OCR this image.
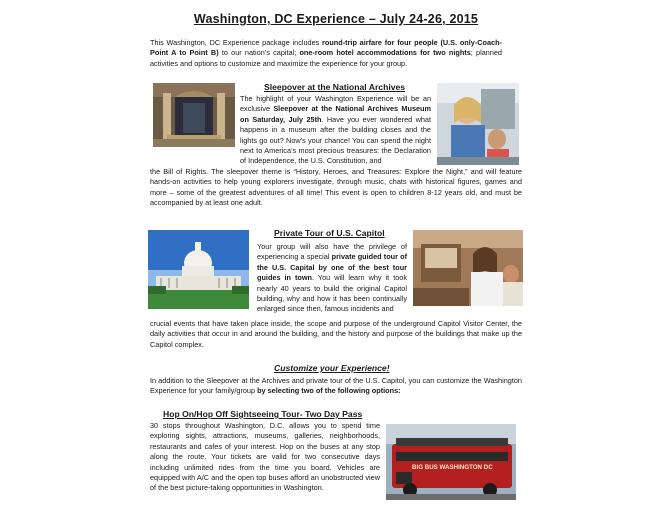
Washington, DC Experience – July 24-26, 2015
This Washington, DC Experience package includes round-trip airfare for four people (U.S. only-Coach-Point A to Point B) to our nation’s capital; one-room hotel accommodations for two nights; planned activities and options to customize and maximize the experience for your group.
Sleepover at the National Archives
The highlight of your Washington Experience will be an exclusive Sleepover at the National Archives Museum on Saturday, July 25th. Have you ever wondered what happens in a museum after the building closes and the lights go out? Now’s your chance! You can spend the night next to America’s most precious treasures: the Declaration of Independence, the U.S. Constitution, and
the Bill of Rights. The sleepover theme is “History, Heroes, and Treasures: Explore the Night,” and will feature hands-on activities to help young explorers investigate, through music, chats with historical figures, games and more – some of the greatest adventures of all time! This event is open to children 8-12 years old, and must be accompanied by at least one adult.
Private Tour of U.S. Capitol
Your group will also have the privilege of experiencing a special private guided tour of the U.S. Capital by one of the best tour guides in town. You will learn why it took nearly 40 years to build the original Capitol building, why and how it has been continually enlarged since then, famous incidents and
crucial events that have taken place inside, the scope and purpose of the underground Capitol Visitor Center, the daily activities that occur in and around the building, and the history and purpose of the buildings that make up the Capitol complex.
Customize your Experience!
In addition to the Sleepover at the Archives and private tour of the U.S. Capitol, you can customize the Washington Experience for your family/group by selecting two of the following options:
Hop On/Hop Off Sightseeing Tour- Two Day Pass
30 stops throughout Washington, D.C. allows you to spend time exploring sights, attractions, museums, galleries, neighborhoods, restaurants and cafes of your interest. Hop on the buses at any stop along the route. Your tickets are valid for two consecutive days including unlimited rides from the time you board. Vehicles are equipped with A/C and the open top buses afford an unobstructed view of the best picture-taking opportunities in Washington.
BIG BUS WASHINGTON DC
